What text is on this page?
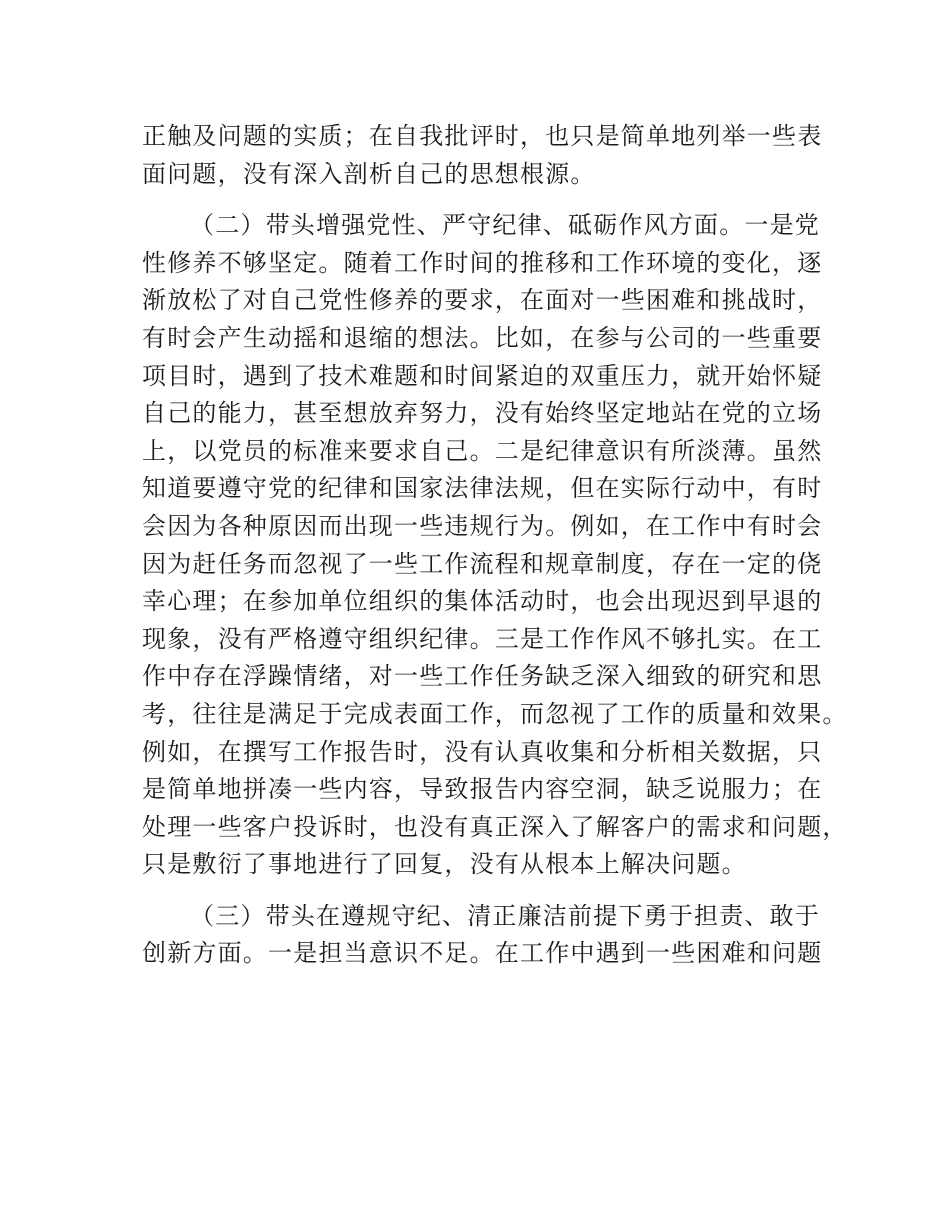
正触及问题的实质；在自我批评时，也只是简单地列举一些表
面问题，没有深入剖析自己的思想根源。
（二）带头增强党性、严守纪律、砥砺作风方面。一是党
性修养不够坚定。随着工作时间的推移和工作环境的变化，逐
渐放松了对自己党性修养的要求，在面对一些困难和挑战时，
有时会产生动摇和退缩的想法。比如，在参与公司的一些重要
项目时，遇到了技术难题和时间紧迫的双重压力，就开始怀疑
自己的能力，甚至想放弃努力，没有始终坚定地站在党的立场
上，以党员的标准来要求自己。二是纪律意识有所淡薄。虽然
知道要遵守党的纪律和国家法律法规，但在实际行动中，有时
会因为各种原因而出现一些违规行为。例如，在工作中有时会
因为赶任务而忽视了一些工作流程和规章制度，存在一定的侥
幸心理；在参加单位组织的集体活动时，也会出现迟到早退的
现象，没有严格遵守组织纪律。三是工作作风不够扎实。在工
作中存在浮躁情绪，对一些工作任务缺乏深入细致的研究和思
考，往往是满足于完成表面工作，而忽视了工作的质量和效果。
例如，在撰写工作报告时，没有认真收集和分析相关数据，只
是简单地拼凑一些内容，导致报告内容空洞，缺乏说服力；在
处理一些客户投诉时，也没有真正深入了解客户的需求和问题，
只是敷衍了事地进行了回复，没有从根本上解决问题。
（三）带头在遵规守纪、清正廉洁前提下勇于担责、敢于
创新方面。一是担当意识不足。在工作中遇到一些困难和问题
